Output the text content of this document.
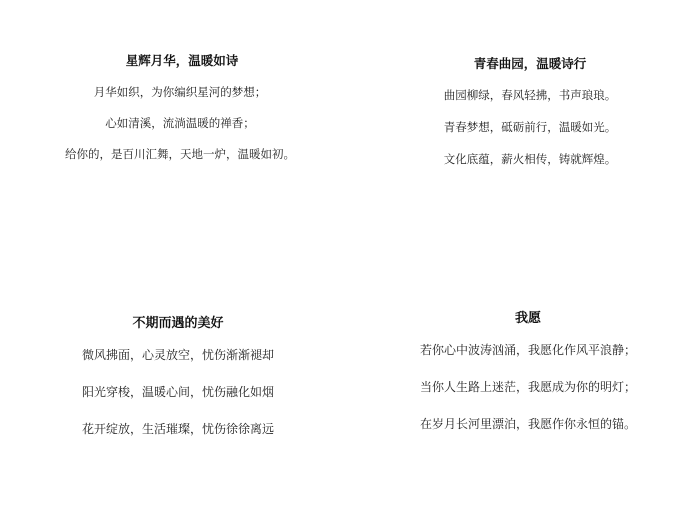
星辉月华，温暖如诗
月华如织，为你编织星河的梦想；
心如清溪，流淌温暖的禅香；
给你的，是百川汇舞，天地一炉，温暖如初。
青春曲园，温暖诗行
曲园柳绿，春风轻拂，书声琅琅。
青春梦想，砥砺前行，温暖如光。
文化底蕴，薪火相传，铸就辉煌。
不期而遇的美好
微风拂面，心灵放空，忧伤渐渐褪却
阳光穿梭，温暖心间，忧伤融化如烟
花开绽放，生活璀璨，忧伤徐徐离远
我愿
若你心中波涛汹涌，我愿化作风平浪静；
当你人生路上迷茫，我愿成为你的明灯；
在岁月长河里漂泊，我愿作你永恒的锚。
